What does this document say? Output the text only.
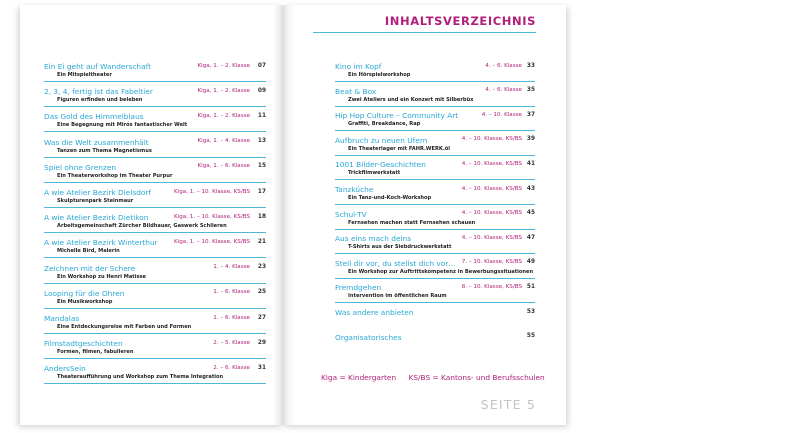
Ein Ei geht auf Wanderschaft	Kiga, 1. – 2. Klasse 07
Ein Mitspieltheater
2, 3, 4, fertig ist das Fabeltier	Kiga, 1. – 2. Klasse 09
Figuren erfinden und beleben
Das Gold des Himmelblaus	Kiga, 1. – 2. Klasse 11
Eine Begegnung mit Mirós fantastischer Welt
Was die Welt zusammenhält	Kiga, 1. – 4. Klasse 13
Tanzen zum Thema Magnetismus
Spiel ohne Grenzen	Kiga, 1. – 6. Klasse 15
Ein Theaterworkshop im Theater Purpur
A wie Atelier Bezirk Dielsdorf	Kiga, 1. – 10. Klasse, KS/BS 17
Skulpturenpark Steinmaur
A wie Atelier Bezirk Dietikon	Kiga, 1. – 10. Klasse, KS/BS 18
Arbeitsgemeinschaft Zürcher Bildhauer, Gaswerk Schlieren
A wie Atelier Bezirk Winterthur	Kiga, 1. – 10. Klasse, KS/BS 21
Michelle Bird, Malerin
Zeichnen mit der Schere	1. – 4. Klasse 23
Ein Workshop zu Henri Matisse
Looping für die Ohren	1. – 6. Klasse 25
Ein Musikworkshop
Mandalas	1. – 6. Klasse 27
Eine Entdeckungsreise mit Farben und Formen
Filmstadtgeschichten	2. – 5. Klasse 29
Formen, filmen, fabulieren
AndersSein	2. – 6. Klasse 31
Theateraufführung und Workshop zum Thema Integration
INHALTSVERZEICHNIS
Kino im Kopf	4. – 6. Klasse 33
Ein Hörspielworkshop
Beat & Box	4. – 6. Klasse 35
Zwei Ateliers und ein Konzert mit Silberbüx
Hip Hop Culture – Community Art	4. – 10. Klasse 37
Graffiti, Breakdance, Rap
Aufbruch zu neuen Ufern	4. – 10. Klasse, KS/BS 39
Ein Theaterlager mit FAHR.WERK.öl
1001 Bilder-Geschichten	4. – 10. Klasse, KS/BS 41
Trickfilmwerkstatt
Tanzküche	4. – 10. Klasse, KS/BS 43
Ein Tanz-und-Koch-Workshop
Schul-TV	4. – 10. Klasse, KS/BS 45
Fernsehen machen statt Fernsehen schauen
Aus eins mach deins	4. – 10. Klasse, KS/BS 47
T-Shirts aus der Siebdruckwerkstatt
Stell dir vor, du stellst dich vor… 7. – 10. Klasse, KS/BS 49
Ein Workshop zur Auftrittskompetenz in Bewerbungssituationen
Fremdgehen	8. – 10. Klasse, KS/BS 51
Intervention im öffentlichen Raum
Was andere anbieten	53
Organisatorisches	55
Kiga = Kindergarten KS/BS = Kantons- und Berufsschulen
SEITE 5
